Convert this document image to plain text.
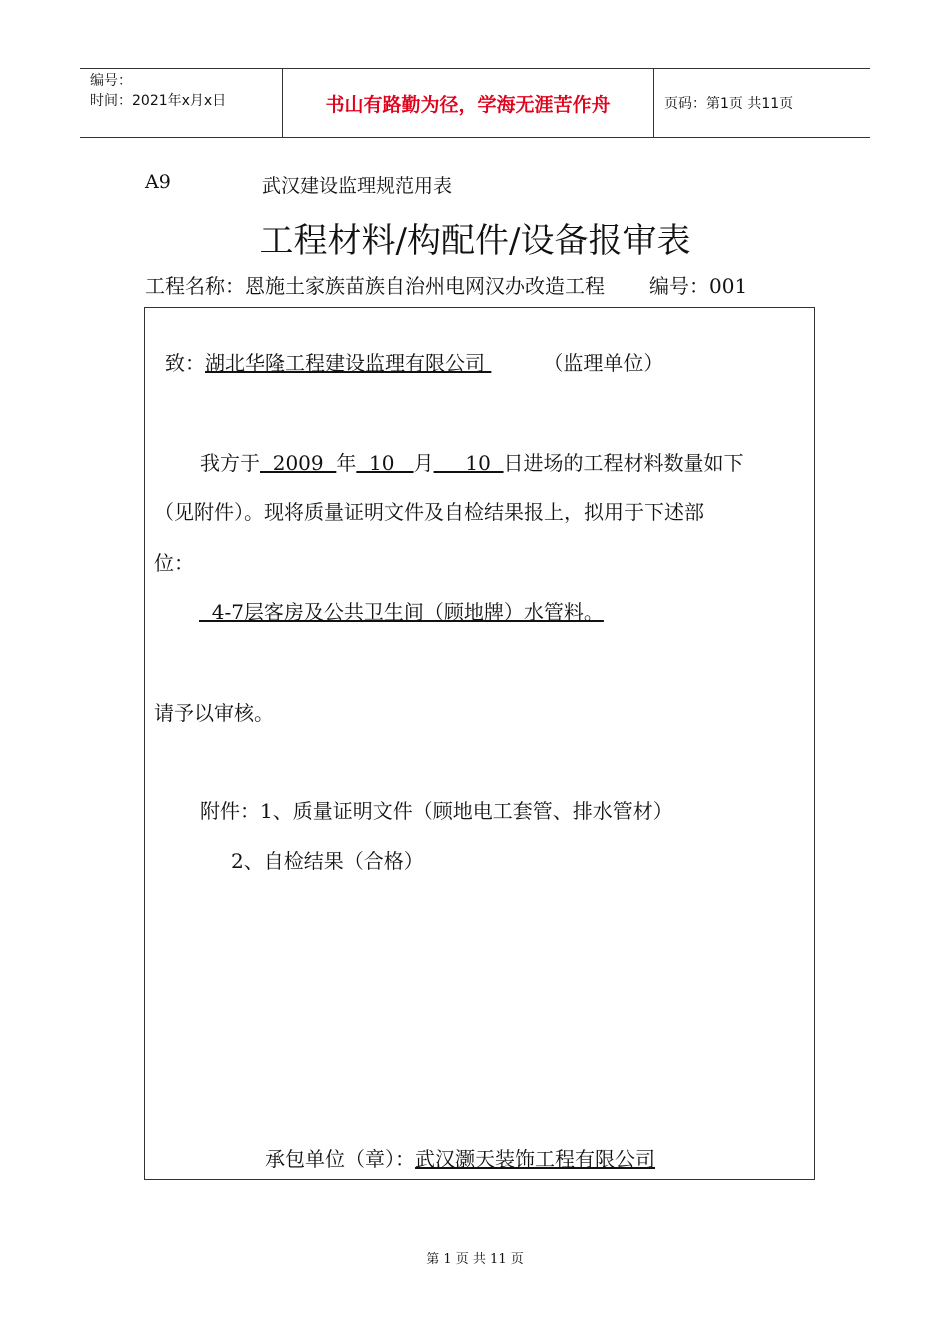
编号：
时间：2021年x月x日	书山有路勤为径，学海无涯苦作舟	页码：第1页 共11页
A9	武汉建设监理规范用表
工程材料/构配件/设备报审表
工程名称：恩施土家族苗族自治州电网汉办改造工程 编号：001
致：湖北华隆工程建设监理有限公司	（监理单位）
我方于  2009  年  10   月     10  日进场的工程材料数量如下
（见附件）。现将质量证明文件及自检结果报上，拟用于下述部
位：
4-7层客房及公共卫生间（顾地牌）水管料。
请予以审核。
附件：1、质量证明文件（顾地电工套管、排水管材）
2、自检结果（合格）
承包单位（章）：武汉灏天装饰工程有限公司
第 1 页 共 11 页
